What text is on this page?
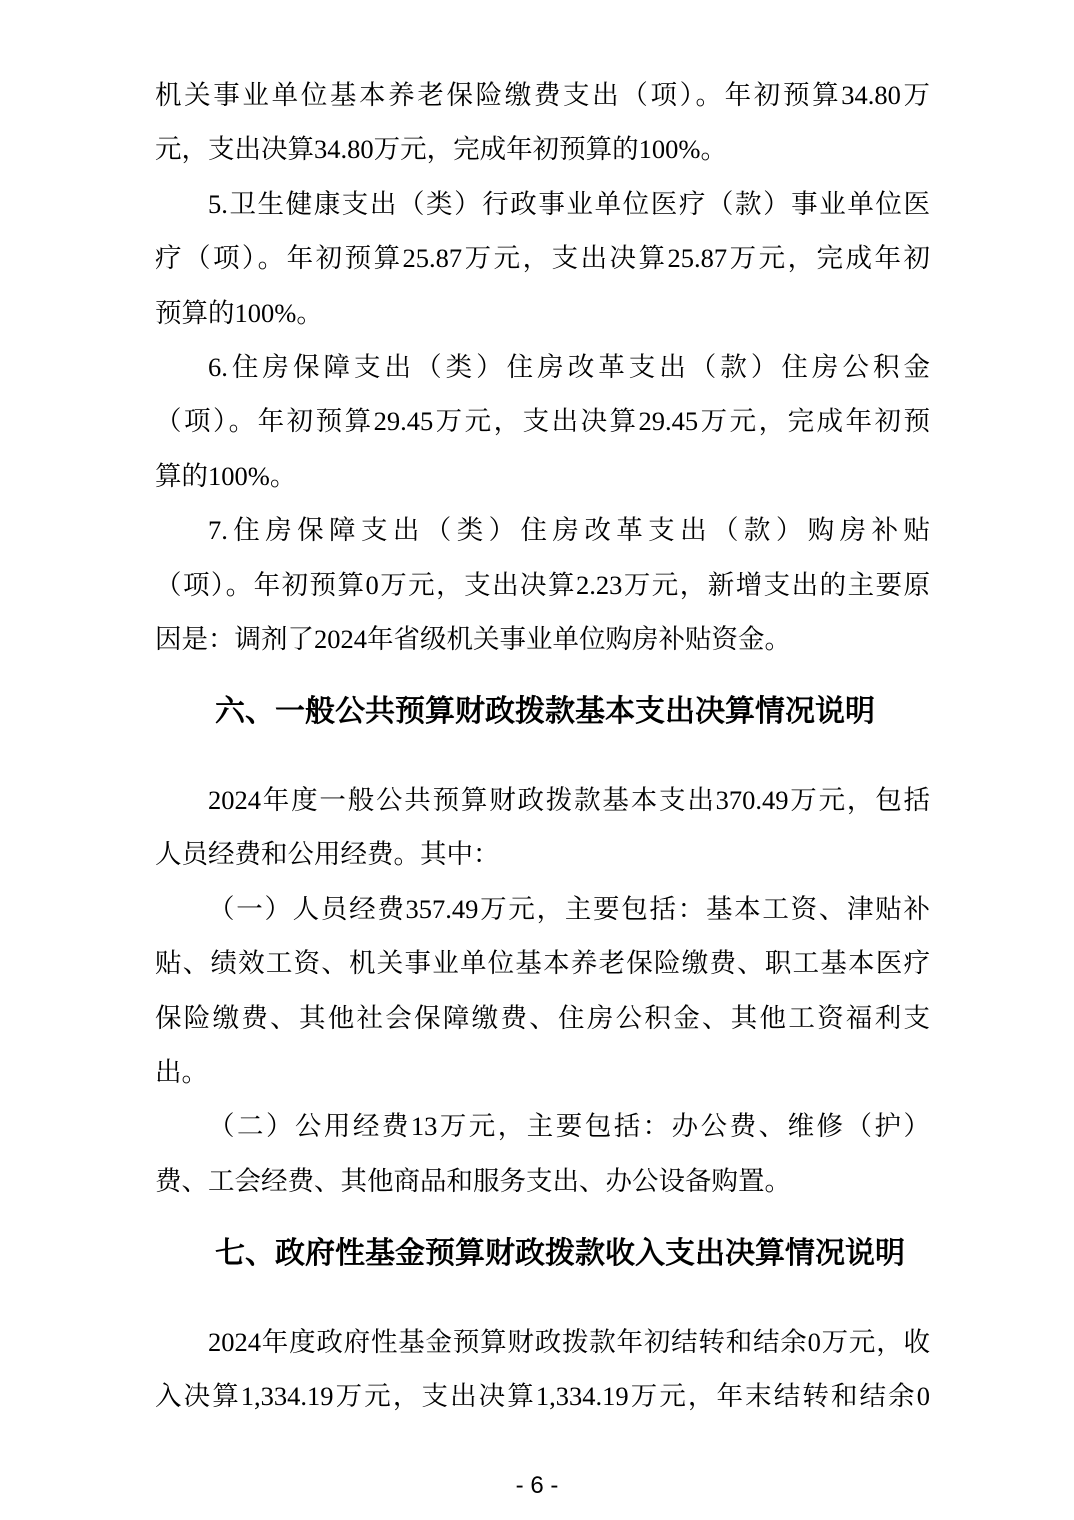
机关事业单位基本养老保险缴费支出（项）。年初预算34.80万
元，支出决算34.80万元，完成年初预算的100%。
5.卫生健康支出（类）行政事业单位医疗（款）事业单位医
疗（项）。年初预算25.87万元，支出决算25.87万元，完成年初
预算的100%。
6.住房保障支出（类）住房改革支出（款）住房公积金
（项）。年初预算29.45万元，支出决算29.45万元，完成年初预
算的100%。
7.住房保障支出（类）住房改革支出（款）购房补贴
（项）。年初预算0万元，支出决算2.23万元，新增支出的主要原
因是：调剂了2024年省级机关事业单位购房补贴资金。
六、一般公共预算财政拨款基本支出决算情况说明
2024年度一般公共预算财政拨款基本支出370.49万元，包括
人员经费和公用经费。其中：
（一）人员经费357.49万元，主要包括：基本工资、津贴补
贴、绩效工资、机关事业单位基本养老保险缴费、职工基本医疗
保险缴费、其他社会保障缴费、住房公积金、其他工资福利支
出。
（二）公用经费13万元，主要包括：办公费、维修（护）
费、工会经费、其他商品和服务支出、办公设备购置。
七、政府性基金预算财政拨款收入支出决算情况说明
2024年度政府性基金预算财政拨款年初结转和结余0万元，收
入决算1,334.19万元，支出决算1,334.19万元，年末结转和结余0
- 6 -
